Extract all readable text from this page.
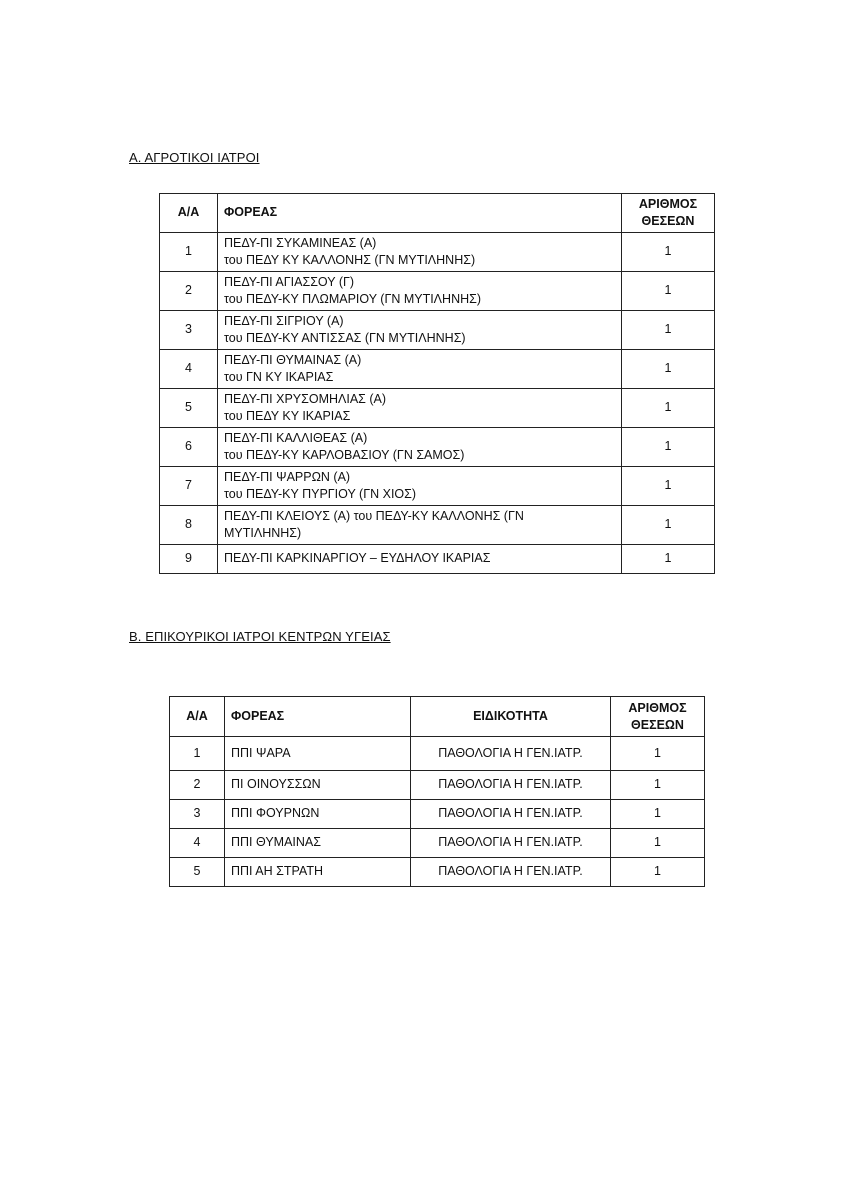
Α. ΑΓΡΟΤΙΚΟΙ ΙΑΤΡΟΙ
Α/Α	ΦΟΡΕΑΣ	ΑΡΙΘΜΟΣ
ΘΕΣΕΩΝ

1	ΠΕΔΥ-ΠΙ ΣΥΚΑΜΙΝΕΑΣ (Α)
του ΠΕΔΥ ΚΥ ΚΑΛΛΟΝΗΣ (ΓΝ ΜΥΤΙΛΗΝΗΣ)	1
2	ΠΕΔΥ-ΠΙ ΑΓΙΑΣΣΟΥ (Γ)
του ΠΕΔΥ-ΚΥ ΠΛΩΜΑΡΙΟΥ (ΓΝ ΜΥΤΙΛΗΝΗΣ)	1
3	ΠΕΔΥ-ΠΙ ΣΙΓΡΙΟΥ (Α)
του ΠΕΔΥ-ΚΥ ΑΝΤΙΣΣΑΣ (ΓΝ ΜΥΤΙΛΗΝΗΣ)	1
4	ΠΕΔΥ-ΠΙ ΘΥΜΑΙΝΑΣ (Α)
του ΓΝ ΚΥ ΙΚΑΡΙΑΣ	1
5	ΠΕΔΥ-ΠΙ ΧΡΥΣΟΜΗΛΙΑΣ (Α)
του ΠΕΔΥ ΚΥ ΙΚΑΡΙΑΣ	1
6	ΠΕΔΥ-ΠΙ ΚΑΛΛΙΘΕΑΣ (Α)
του ΠΕΔΥ-ΚΥ ΚΑΡΛΟΒΑΣΙΟΥ (ΓΝ ΣΑΜΟΣ)	1
7	ΠΕΔΥ-ΠΙ ΨΑΡΡΩΝ (Α)
του ΠΕΔΥ-ΚΥ ΠΥΡΓΙΟΥ (ΓΝ ΧΙΟΣ)	1
8	ΠΕΔΥ-ΠΙ ΚΛΕΙΟΥΣ (Α) του ΠΕΔΥ-ΚΥ ΚΑΛΛΟΝΗΣ (ΓΝ
ΜΥΤΙΛΗΝΗΣ)	1
9	ΠΕΔΥ-ΠΙ ΚΑΡΚΙΝΑΡΓΙΟΥ – ΕΥΔΗΛΟΥ ΙΚΑΡΙΑΣ	1
Β. ΕΠΙΚΟΥΡΙΚΟΙ ΙΑΤΡΟΙ ΚΕΝΤΡΩΝ ΥΓΕΙΑΣ
Α/Α	ΦΟΡΕΑΣ	ΕΙΔΙΚΟΤΗΤΑ	ΑΡΙΘΜΟΣ
ΘΕΣΕΩΝ

1	ΠΠΙ ΨΑΡΑ	ΠΑΘΟΛΟΓΙΑ Η ΓΕΝ.ΙΑΤΡ.	1
2	ΠΙ ΟΙΝΟΥΣΣΩΝ	ΠΑΘΟΛΟΓΙΑ Η ΓΕΝ.ΙΑΤΡ.	1
3	ΠΠΙ ΦΟΥΡΝΩΝ	ΠΑΘΟΛΟΓΙΑ Η ΓΕΝ.ΙΑΤΡ.	1
4	ΠΠΙ ΘΥΜΑΙΝΑΣ	ΠΑΘΟΛΟΓΙΑ Η ΓΕΝ.ΙΑΤΡ.	1
5	ΠΠΙ ΑΗ ΣΤΡΑΤΗ	ΠΑΘΟΛΟΓΙΑ Η ΓΕΝ.ΙΑΤΡ.	1
